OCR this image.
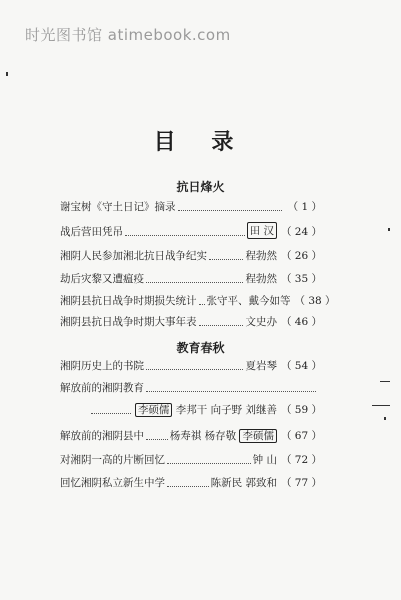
时光图书馆 atimebook.com
目 录
抗日烽火
谢宝树《守土日记》摘录	（ 1 ）
战后营田凭吊	田 汉 （ 24 ）
湘阴人民参加湘北抗日战争纪实	程勃然 （ 26 ）
劫后灾黎又遭瘟疫	程勃然 （ 35 ）
湘阴县抗日战争时期损失统计 张守平、戴今如等 （ 38 ）
湘阴县抗日战争时期大事年表	文史办 （ 46 ）
教育春秋
湘阴历史上的书院	夏岩琴 （ 54 ）
解放前的湘阴教育
李硕儒 李邦干 向子野 刘继善 （ 59 ）
解放前的湘阴县中 杨寿祺 杨存敬 李硕儒 （ 67 ）
对湘阴一高的片断回忆	钟 山 （ 72 ）
回忆湘阴私立新生中学	陈新民 郭致和 （ 77 ）
